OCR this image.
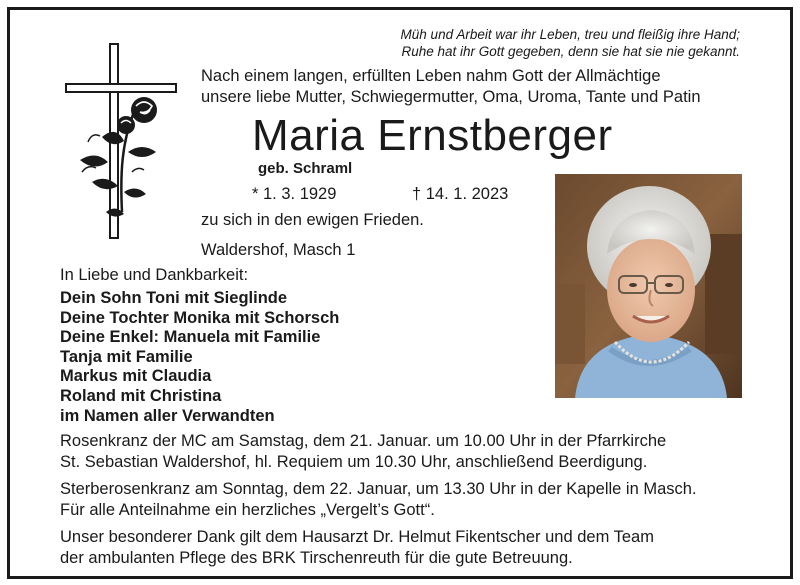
Müh und Arbeit war ihr Leben, treu und fleißig ihre Hand;
Ruhe hat ihr Gott gegeben, denn sie hat sie nie gekannt.
Nach einem langen, erfüllten Leben nahm Gott der Allmächtige
unsere liebe Mutter, Schwiegermutter, Oma, Uroma, Tante und Patin
Maria Ernstberger
geb. Schraml
* 1. 3. 1929	† 14. 1. 2023
zu sich in den ewigen Frieden.
Waldershof, Masch 1
In Liebe und Dankbarkeit:
Dein Sohn Toni mit Sieglinde
Deine Tochter Monika mit Schorsch
Deine Enkel: Manuela mit Familie
Tanja mit Familie
Markus mit Claudia
Roland mit Christina
im Namen aller Verwandten

Rosenkranz der MC am Samstag, dem 21. Januar. um 10.00 Uhr in der Pfarrkirche
St. Sebastian Waldershof, hl. Requiem um 10.30 Uhr, anschließend Beerdigung.

Sterberosenkranz am Sonntag, dem 22. Januar, um 13.30 Uhr in der Kapelle in Masch.
Für alle Anteilnahme ein herzliches „Vergelt’s Gott“.

Unser besonderer Dank gilt dem Hausarzt Dr. Helmut Fikentscher und dem Team
der ambulanten Pflege des BRK Tirschenreuth für die gute Betreuung.
